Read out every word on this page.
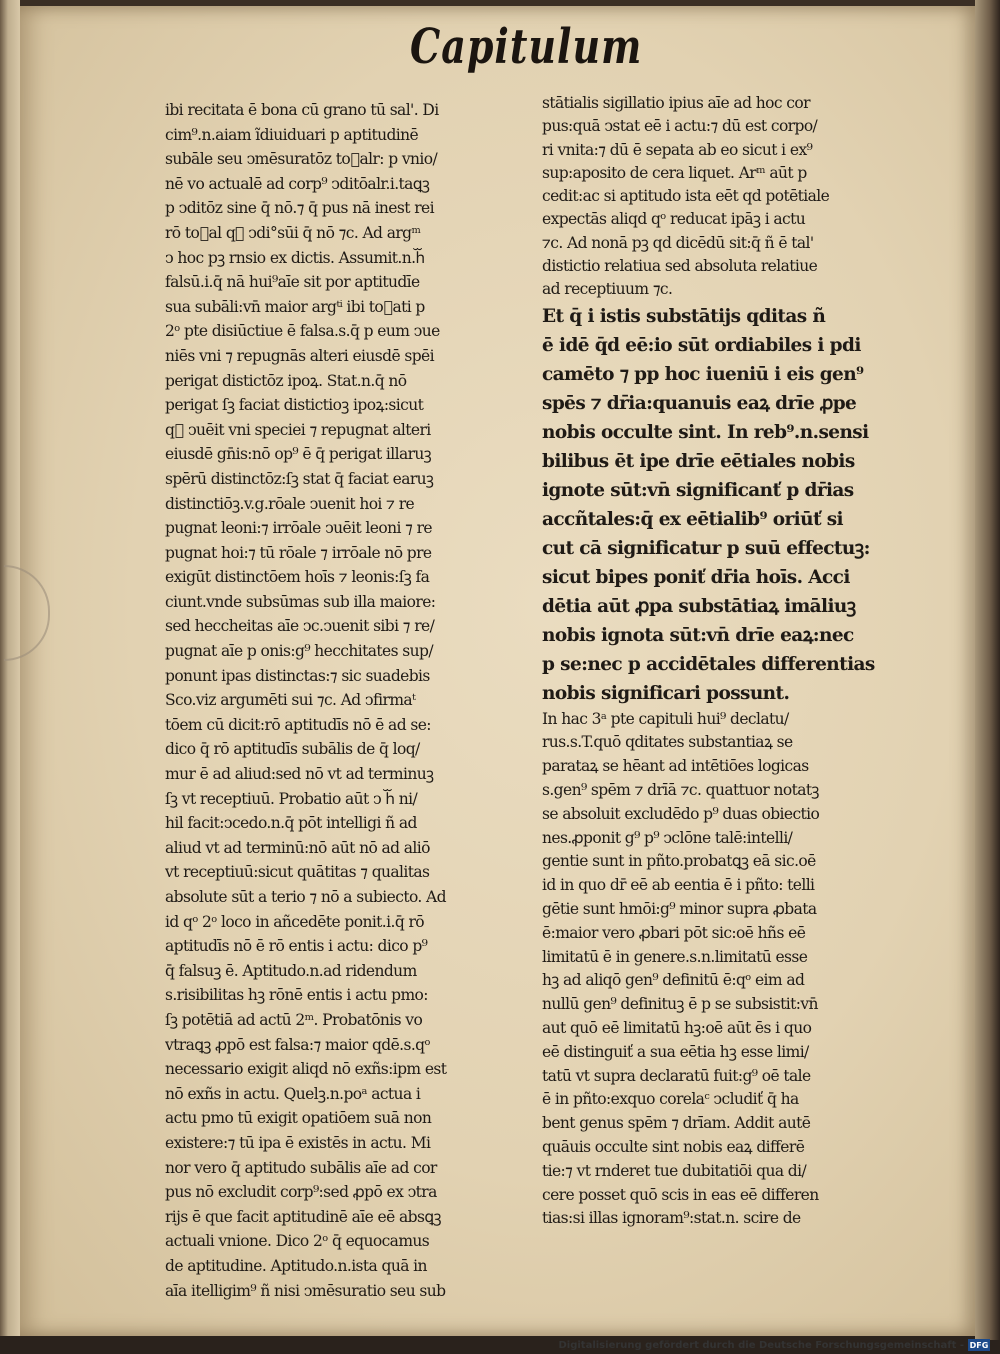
Capitulum
ibi recitata ē bona cū grano tū sal'. Di
cim⁹.n.aiam ĩdiuiduari p aptitudinē
subāle seu ↄmēsuratōz toᷓalr: p vnio/
nē vo actualē ad corp⁹ ↄditōalr.i.taꝗꝫ
p ↄditōz sine q̄ nō.⁊ q̄ pus nā inest rei
rō toᷓal qꝫ ↄdi°sūi q̄ nō ⁊c. Ad argᵐ
ↄ hoc pꝫ rnsio ex dictis. Assumit.n.hᷓ
falsū.i.q̄ nā hui⁹aīe sit por aptitudīe
sua subāli:vn̄ maior argᵗⁱ ibi toᷓati p
2ᵒ pte disiūctiue ē falsa.s.q̄ p eum ↄue
niēs vni ⁊ repugnās alteri eiusdē spēi
perigat distictōz ipoꝝ. Stat.n.q̄ nō
perigat ſꝫ faciat distictioꝫ ipoꝝ:sicut
qᷓ ↄuēit vni speciei ⁊ repugnat alteri
eiusdē gn̄is:nō op⁹ ē q̄ perigat illaruꝫ
spērū distinctōz:ſꝫ stat q̄ faciat earuꝫ
distinctiōꝫ.v.g.rōale ↄuenit hoi ⁊ re
pugnat leoni:⁊ irrōale ↄuēit leoni ⁊ re
pugnat hoi:⁊ tū rōale ⁊ irrōale nō pre
exigūt distinctōem hoīs ⁊ leonis:ſꝫ fa
ciunt.vnde subsūmas sub illa maiore:
sed heccheitas aīe ↄc.ↄuenit sibi ⁊ re/
pugnat aīe p onis:g⁹ hecchitates sup/
ponunt ipas distinctas:⁊ sic suadebis
Sco.viz argumēti sui ⁊c. Ad ↄfirmaᵗ
tōem cū dicit:rō aptitudīs nō ē ad se:
dico q̄ rō aptitudīs subālis de q̄ loq/
mur ē ad aliud:sed nō vt ad terminuꝫ
ſꝫ vt receptiuū. Probatio aūt ↄ hᷓ ni/
hil facit:ↄcedo.n.q̄ pōt intelligi ñ ad
aliud vt ad terminū:nō aūt nō ad aliō
vt receptiuū:sicut quātitas ⁊ qualitas
absolute sūt a terio ⁊ nō a subiecto. Ad
id qᵒ 2ᵒ loco in añcedēte ponit.i.q̄ rō
aptitudīs nō ē rō entis i actu: dico p⁹
q̄ falsuꝫ ē. Aptitudo.n.ad ridendum
s.risibilitas hꝫ rōnē entis i actu pmo:
ſꝫ potētiā ad actū 2ᵐ. Probatōnis vo
vtraꝗꝫ ꝓpō est falsa:⁊ maior qdē.s.qᵒ
necessario exigit aliqd nō exñs:ipm est
nō exñs in actu. Quelꝫ.n.poᵃ actua i
actu pmo tū exigit opatiōem suā non
existere:⁊ tū ipa ē existēs in actu. Mi
nor vero q̄ aptitudo subālis aīe ad cor
pus nō excludit corp⁹:sed ꝓpō ex ↄtra
rijs ē que facit aptitudinē aīe eē absꝗꝫ
actuali vnione. Dico 2ᵒ q̄ equocamus
de aptitudine. Aptitudo.n.ista quā in
aīa itelligim⁹ ñ nisi ↄmēsuratio seu sub
stātialis sigillatio ipius aīe ad hoc cor
pus:quā ↄstat eē i actu:⁊ dū est corpo/
ri vnita:⁊ dū ē sepata ab eo sicut i ex⁹
sup:aposito de cera liquet. Arᵐ aūt p
cedit:ac si aptitudo ista eēt qd potētiale
expectās aliqd qᵒ reducat ipāꝫ i actu
⁊c. Ad nonā pꝫ qd dicēdū sit:q̄ ñ ē tal'
distictio relatiua sed absoluta relatiue
ad receptiuum ⁊c.
Et q̄ i istis substātijs qditas ñ
ē idē q̄d eē:io sūt ordiabiles i pdi
camēto ⁊ pp hoc iueniū i eis gen⁹
spēs ⁊ dr̄ia:quanuis eaꝝ drīe ꝓpe
nobis occulte sint. In reb⁹.n.sensi
bilibus ēt ipe drīe eētiales nobis
ignote sūt:vn̄ significanť p dr̄ias
accñtales:q̄ ex eētialib⁹ oriūť si
cut cā significatur p suū effectuꝫ:
sicut bipes poniť dr̄ia hoīs. Acci
dētia aūt ꝓpa substātiaꝝ imāliuꝫ
nobis ignota sūt:vn̄ drīe eaꝝ:nec
p se:nec p accidētales differentias
nobis significari possunt.
In hac 3ᵃ pte capituli hui⁹ declatu/
rus.s.T.quō qditates substantiaꝝ se
parataꝝ se hēant ad intētiōes logicas
s.gen⁹ spēm ⁊ drīā ⁊c. quattuor notatꝫ
se absoluit excludēdo p⁹ duas obiectio
nes.ꝓponit g⁹ p⁹ ↄclōne talē:intelli/
gentie sunt in pñto.probatꝗꝫ eā sic.oē
id in quo dr̄ eē ab eentia ē i pñto: telli
gētie sunt hmōi:g⁹ minor supra ꝓbata
ē:maior vero ꝓbari pōt sic:oē hñs eē
limitatū ē in genere.s.n.limitatū esse
hꝫ ad aliqō gen⁹ definitū ē:qᵒ eim ad
nullū gen⁹ definituꝫ ē p se subsistit:vn̄
aut quō eē limitatū hꝫ:oē aūt ēs i quo
eē distinguiť a sua eētia hꝫ esse limi/
tatū vt supra declaratū fuit:g⁹ oē tale
ē in pñto:exquo corelaᶜ ↄcludiť q̄ ha
bent genus spēm ⁊ drīam. Addit autē
quāuis occulte sint nobis eaꝝ differē
tie:⁊ vt rnderet tue dubitatiōi qua di/
cere posset quō scis in eas eē differen
tias:si illas ignoram⁹:stat.n. scire de
Digitalisierung gefördert durch die Deutsche Forschungsgemeinschaft - DFG
